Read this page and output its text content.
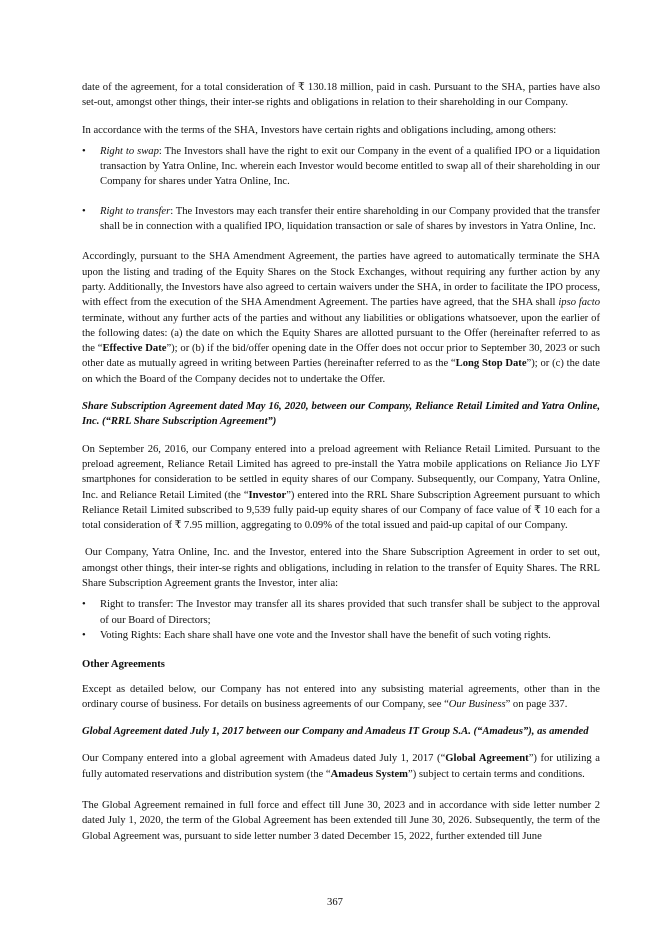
date of the agreement, for a total consideration of ₹ 130.18 million, paid in cash. Pursuant to the SHA, parties have also set-out, amongst other things, their inter-se rights and obligations in relation to their shareholding in our Company.

In accordance with the terms of the SHA, Investors have certain rights and obligations including, among others:

• Right to swap: The Investors shall have the right to exit our Company in the event of a qualified IPO or a liquidation transaction by Yatra Online, Inc. wherein each Investor would become entitled to swap all of their shareholding in our Company for shares under Yatra Online, Inc.
• Right to transfer: The Investors may each transfer their entire shareholding in our Company provided that the transfer shall be in connection with a qualified IPO, liquidation transaction or sale of shares by investors in Yatra Online, Inc.

Accordingly, pursuant to the SHA Amendment Agreement, the parties have agreed to automatically terminate the SHA upon the listing and trading of the Equity Shares on the Stock Exchanges, without requiring any further action by any party. Additionally, the Investors have also agreed to certain waivers under the SHA, in order to facilitate the IPO process, with effect from the execution of the SHA Amendment Agreement. The parties have agreed, that the SHA shall ipso facto terminate, without any further acts of the parties and without any liabilities or obligations whatsoever, upon the earlier of the following dates: (a) the date on which the Equity Shares are allotted pursuant to the Offer (hereinafter referred to as the “Effective Date”); or (b) if the bid/offer opening date in the Offer does not occur prior to September 30, 2023 or such other date as mutually agreed in writing between Parties (hereinafter referred to as the “Long Stop Date”); or (c) the date on which the Board of the Company decides not to undertake the Offer.

Share Subscription Agreement dated May 16, 2020, between our Company, Reliance Retail Limited and Yatra Online, Inc. (“RRL Share Subscription Agreement”)

On September 26, 2016, our Company entered into a preload agreement with Reliance Retail Limited. Pursuant to the preload agreement, Reliance Retail Limited has agreed to pre-install the Yatra mobile applications on Reliance Jio LYF smartphones for consideration to be settled in equity shares of our Company. Subsequently, our Company, Yatra Online, Inc. and Reliance Retail Limited (the “Investor”) entered into the RRL Share Subscription Agreement pursuant to which Reliance Retail Limited subscribed to 9,539 fully paid-up equity shares of our Company of face value of ₹ 10 each for a total consideration of ₹ 7.95 million, aggregating to 0.09% of the total issued and paid-up capital of our Company.

Our Company, Yatra Online, Inc. and the Investor, entered into the Share Subscription Agreement in order to set out, amongst other things, their inter-se rights and obligations, including in relation to the transfer of Equity Shares. The RRL Share Subscription Agreement grants the Investor, inter alia:

• Right to transfer: The Investor may transfer all its shares provided that such transfer shall be subject to the approval of our Board of Directors;
• Voting Rights: Each share shall have one vote and the Investor shall have the benefit of such voting rights.
Other Agreements

Except as detailed below, our Company has not entered into any subsisting material agreements, other than in the ordinary course of business. For details on business agreements of our Company, see “Our Business” on page 337.

Global Agreement dated July 1, 2017 between our Company and Amadeus IT Group S.A. (“Amadeus”), as amended

Our Company entered into a global agreement with Amadeus dated July 1, 2017 (“Global Agreement”) for utilizing a fully automated reservations and distribution system (the “Amadeus System”) subject to certain terms and conditions.

The Global Agreement remained in full force and effect till June 30, 2023 and in accordance with side letter number 2 dated July 1, 2020, the term of the Global Agreement has been extended till June 30, 2026. Subsequently, the term of the Global Agreement was, pursuant to side letter number 3 dated December 15, 2022, further extended till June

367
